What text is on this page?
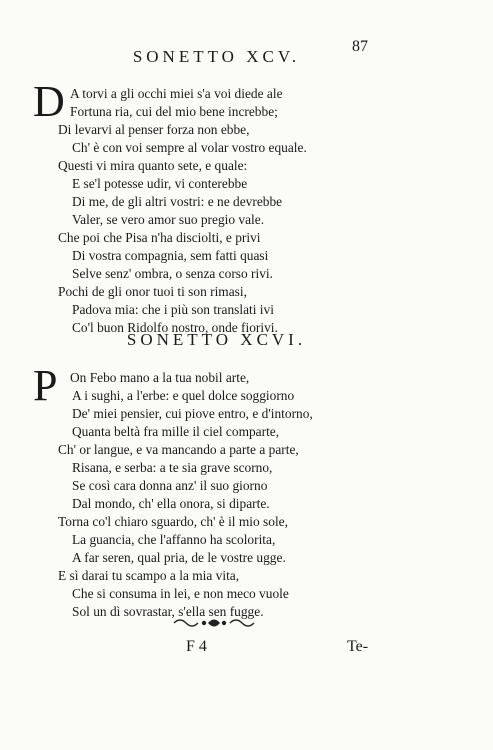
87
SONETTO XCV.
D A torvi a gli occhi miei s'a voi diede ale
Fortuna ria, cui del mio bene increbbe;
Di levarvi al penser forza non ebbe,
Ch' è con voi sempre al volar vostro equale.
Questi vi mira quanto sete, e quale:
E se'l potesse udir, vi conterebbe
Di me, de gli altri vostri: e ne devrebbe
Valer, se vero amor suo pregio vale.
Che poi che Pisa n'ha disciolti, e privi
Di vostra compagnia, sem fatti quasi
Selve senz' ombra, o senza corso rivi.
Pochi de gli onor tuoi ti son rimasi,
Padova mia: che i più son translati ivi
Co'l buon Ridolfo nostro, onde fiorivi.
SONETTO XCVI.
P On Febo mano a la tua nobil arte,
A i sughi, a l'erbe: e quel dolce soggiorno
De' miei pensier, cui piove entro, e d'intorno,
Quanta beltà fra mille il ciel comparte,
Ch' or langue, e va mancando a parte a parte,
Risana, e serba: a te sia grave scorno,
Se così cara donna anz' il suo giorno
Dal mondo, ch' ella onora, si diparte.
Torna co'l chiaro sguardo, ch' è il mio sole,
La guancia, che l'affanno ha scolorita,
A far seren, qual pria, de le vostre ugge.
E sì darai tu scampo a la mia vita,
Che si consuma in lei, e non meco vuole
Sol un dì sovrastar, s'ella sen fugge.
F 4	Te-
